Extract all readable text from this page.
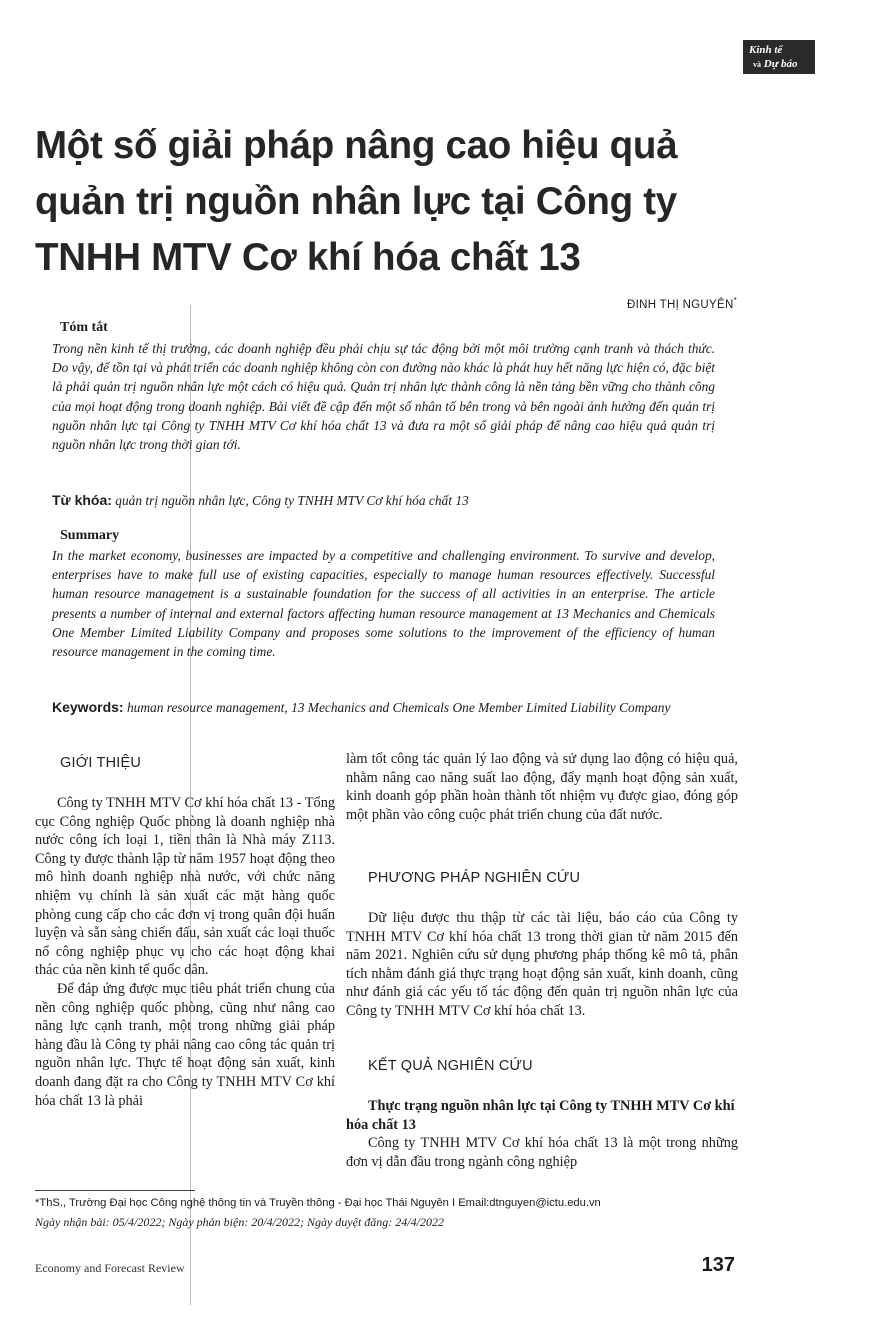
Kinh tế
và Dự báo
Một số giải pháp nâng cao hiệu quả quản trị nguồn nhân lực tại Công ty TNHH MTV Cơ khí hóa chất 13
ĐINH THỊ NGUYÊN*
Tóm tắt

Trong nền kinh tế thị trường, các doanh nghiệp đều phải chịu sự tác động bởi một môi trường cạnh tranh và thách thức. Do vậy, để tồn tại và phát triển các doanh nghiệp không còn con đường nào khác là phát huy hết năng lực hiện có, đặc biệt là phải quản trị nguồn nhân lực một cách có hiệu quả. Quản trị nhân lực thành công là nền tảng bền vững cho thành công của mọi hoạt động trong doanh nghiệp. Bài viết đề cập đến một số nhân tố bên trong và bên ngoài ảnh hưởng đến quản trị nguồn nhân lực tại Công ty TNHH MTV Cơ khí hóa chất 13 và đưa ra một số giải pháp để nâng cao hiệu quả quản trị nguồn nhân lực trong thời gian tới.

Từ khóa: quản trị nguồn nhân lực, Công ty TNHH MTV Cơ khí hóa chất 13

Summary

In the market economy, businesses are impacted by a competitive and challenging environment. To survive and develop, enterprises have to make full use of existing capacities, especially to manage human resources effectively. Successful human resource management is a sustainable foundation for the success of all activities in an enterprise. The article presents a number of internal and external factors affecting human resource management at 13 Mechanics and Chemicals One Member Limited Liability Company and proposes some solutions to the improvement of the efficiency of human resource management in the coming time.

Keywords: human resource management, 13 Mechanics and Chemicals One Member Limited Liability Company

GIỚI THIỆU

Công ty TNHH MTV Cơ khí hóa chất 13 - Tổng cục Công nghiệp Quốc phòng là doanh nghiệp nhà nước công ích loại 1, tiền thân là Nhà máy Z113. Công ty được thành lập từ năm 1957 hoạt động theo mô hình doanh nghiệp nhà nước, với chức năng nhiệm vụ chính là sản xuất các mặt hàng quốc phòng cung cấp cho các đơn vị trong quân đội huấn luyện và sẵn sàng chiến đấu, sản xuất các loại thuốc nổ công nghiệp phục vụ cho các hoạt động khai thác của nền kinh tế quốc dân.

Để đáp ứng được mục tiêu phát triển chung của nền công nghiệp quốc phòng, cũng như nâng cao năng lực cạnh tranh, một trong những giải pháp hàng đầu là Công ty phải nâng cao công tác quản trị nguồn nhân lực. Thực tế hoạt động sản xuất, kinh doanh đang đặt ra cho Công ty TNHH MTV Cơ khí hóa chất 13 là phải

làm tốt công tác quản lý lao động và sử dụng lao động có hiệu quả, nhằm nâng cao năng suất lao động, đẩy mạnh hoạt động sản xuất, kinh doanh góp phần hoàn thành tốt nhiệm vụ được giao, đóng góp một phần vào công cuộc phát triển chung của đất nước.

PHƯƠNG PHÁP NGHIÊN CỨU

Dữ liệu được thu thập từ các tài liệu, báo cáo của Công ty TNHH MTV Cơ khí hóa chất 13 trong thời gian từ năm 2015 đến năm 2021. Nghiên cứu sử dụng phương pháp thống kê mô tả, phân tích nhằm đánh giá thực trạng hoạt động sản xuất, kinh doanh, cũng như đánh giá các yếu tố tác động đến quản trị nguồn nhân lực của Công ty TNHH MTV Cơ khí hóa chất 13.

KẾT QUẢ NGHIÊN CỨU

Thực trạng nguồn nhân lực tại Công ty TNHH MTV Cơ khí hóa chất 13

Công ty TNHH MTV Cơ khí hóa chất 13 là một trong những đơn vị dẫn đầu trong ngành công nghiệp

*ThS., Trường Đại học Công nghệ thông tin và Truyền thông - Đại học Thái Nguyên I Email:dtnguyen@ictu.edu.vn
Ngày nhận bài: 05/4/2022; Ngày phản biện: 20/4/2022; Ngày duyệt đăng: 24/4/2022
Economy and Forecast Review	137
